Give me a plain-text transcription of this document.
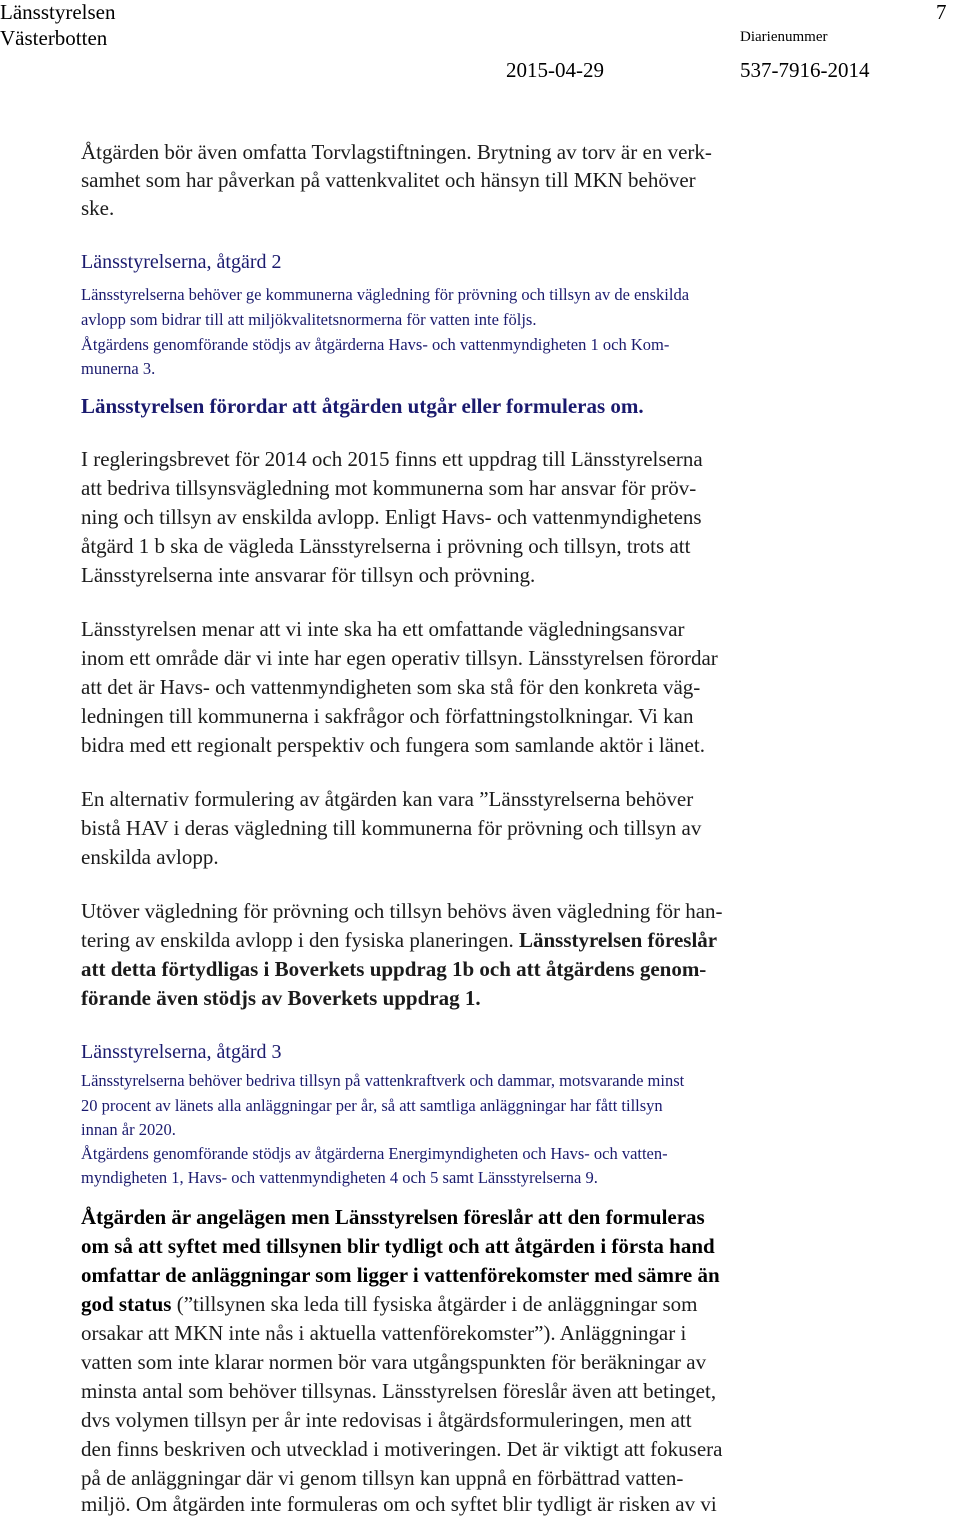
Länsstyrelsen
Västerbotten	Diarienummer
2015-04-29	537-7916-2014
7
Åtgärden bör även omfatta Torvlagstiftningen. Brytning av torv är en verk-
samhet som har påverkan på vattenkvalitet och hänsyn till MKN behöver
ske.
Länsstyrelserna, åtgärd 2
Länsstyrelserna behöver ge kommunerna vägledning för prövning och tillsyn av de enskilda
avlopp som bidrar till att miljökvalitetsnormerna för vatten inte följs.
Åtgärdens genomförande stödjs av åtgärderna Havs- och vattenmyndigheten 1 och Kom-
munerna 3.
Länsstyrelsen förordar att åtgärden utgår eller formuleras om.
I regleringsbrevet för 2014 och 2015 finns ett uppdrag till Länsstyrelserna
att bedriva tillsynsvägledning mot kommunerna som har ansvar för pröv-
ning och tillsyn av enskilda avlopp. Enligt Havs- och vattenmyndighetens
åtgärd 1 b ska de vägleda Länsstyrelserna i prövning och tillsyn, trots att
Länsstyrelserna inte ansvarar för tillsyn och prövning.
Länsstyrelsen menar att vi inte ska ha ett omfattande vägledningsansvar
inom ett område där vi inte har egen operativ tillsyn. Länsstyrelsen förordar
att det är Havs- och vattenmyndigheten som ska stå för den konkreta väg-
ledningen till kommunerna i sakfrågor och författningstolkningar. Vi kan
bidra med ett regionalt perspektiv och fungera som samlande aktör i länet.
En alternativ formulering av åtgärden kan vara ”Länsstyrelserna behöver
bistå HAV i deras vägledning till kommunerna för prövning och tillsyn av
enskilda avlopp.
Utöver vägledning för prövning och tillsyn behövs även vägledning för han-
tering av enskilda avlopp i den fysiska planeringen. Länsstyrelsen föreslår
att detta förtydligas i Boverkets uppdrag 1b och att åtgärdens genom-
förande även stödjs av Boverkets uppdrag 1.
Länsstyrelserna, åtgärd 3
Länsstyrelserna behöver bedriva tillsyn på vattenkraftverk och dammar, motsvarande minst
20 procent av länets alla anläggningar per år, så att samtliga anläggningar har fått tillsyn
innan år 2020.
Åtgärdens genomförande stödjs av åtgärderna Energimyndigheten och Havs- och vatten-
myndigheten 1, Havs- och vattenmyndigheten 4 och 5 samt Länsstyrelserna 9.
Åtgärden är angelägen men Länsstyrelsen föreslår att den formuleras
om så att syftet med tillsynen blir tydligt och att åtgärden i första hand
omfattar de anläggningar som ligger i vattenförekomster med sämre än
god status (”tillsynen ska leda till fysiska åtgärder i de anläggningar som
orsakar att MKN inte nås i aktuella vattenförekomster”). Anläggningar i
vatten som inte klarar normen bör vara utgångspunkten för beräkningar av
minsta antal som behöver tillsynas. Länsstyrelsen föreslår även att betinget,
dvs volymen tillsyn per år inte redovisas i åtgärdsformuleringen, men att
den finns beskriven och utvecklad i motiveringen. Det är viktigt att fokusera
på de anläggningar där vi genom tillsyn kan uppnå en förbättrad vatten-
miljö. Om åtgärden inte formuleras om och syftet blir tydligt är risken av vi
